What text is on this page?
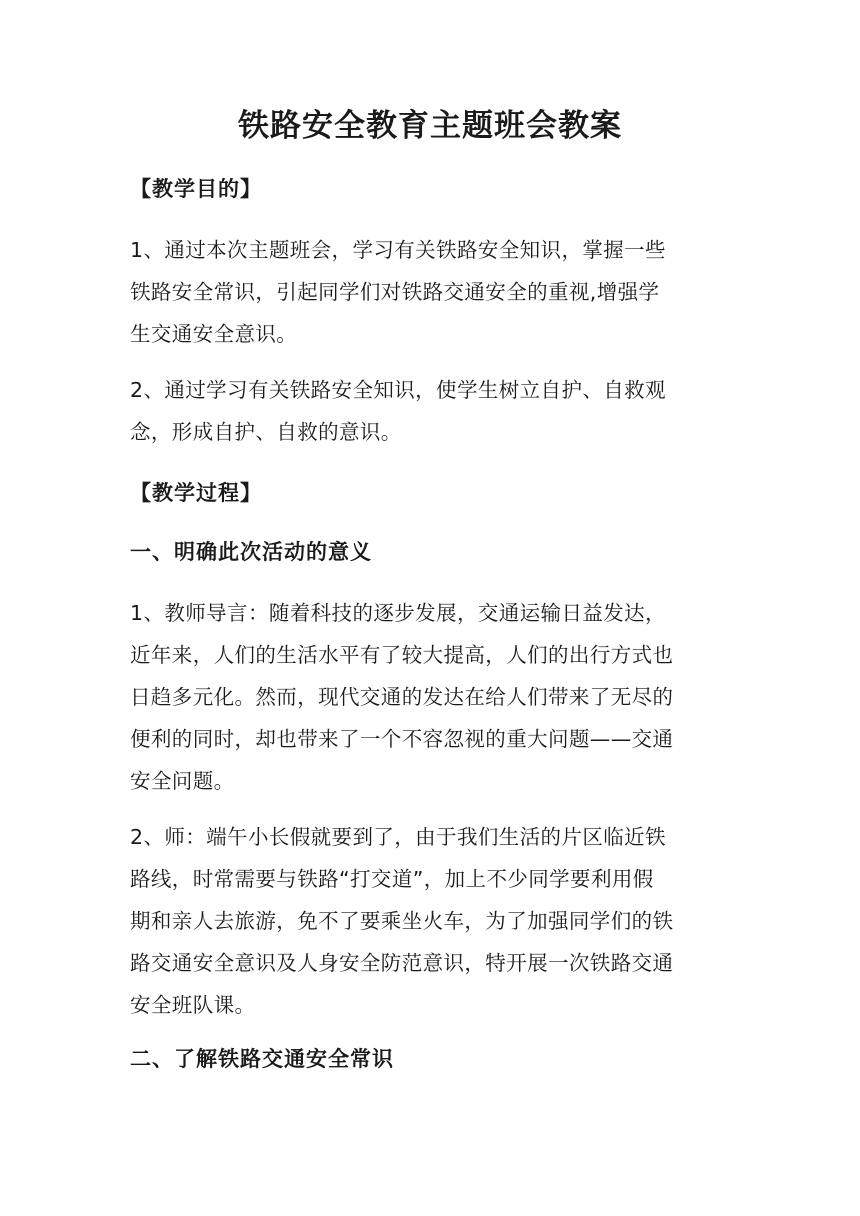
铁路安全教育主题班会教案
【教学目的】
1、通过本次主题班会，学习有关铁路安全知识，掌握一些
铁路安全常识，引起同学们对铁路交通安全的重视,增强学
生交通安全意识。
2、通过学习有关铁路安全知识，使学生树立自护、自救观
念，形成自护、自救的意识。
【教学过程】
一、明确此次活动的意义
1、教师导言：随着科技的逐步发展，交通运输日益发达，
近年来，人们的生活水平有了较大提高，人们的出行方式也
日趋多元化。然而，现代交通的发达在给人们带来了无尽的
便利的同时，却也带来了一个不容忽视的重大问题——交通
安全问题。
2、师：端午小长假就要到了，由于我们生活的片区临近铁
路线，时常需要与铁路“打交道”，加上不少同学要利用假
期和亲人去旅游，免不了要乘坐火车，为了加强同学们的铁
路交通安全意识及人身安全防范意识，特开展一次铁路交通
安全班队课。
二、了解铁路交通安全常识
